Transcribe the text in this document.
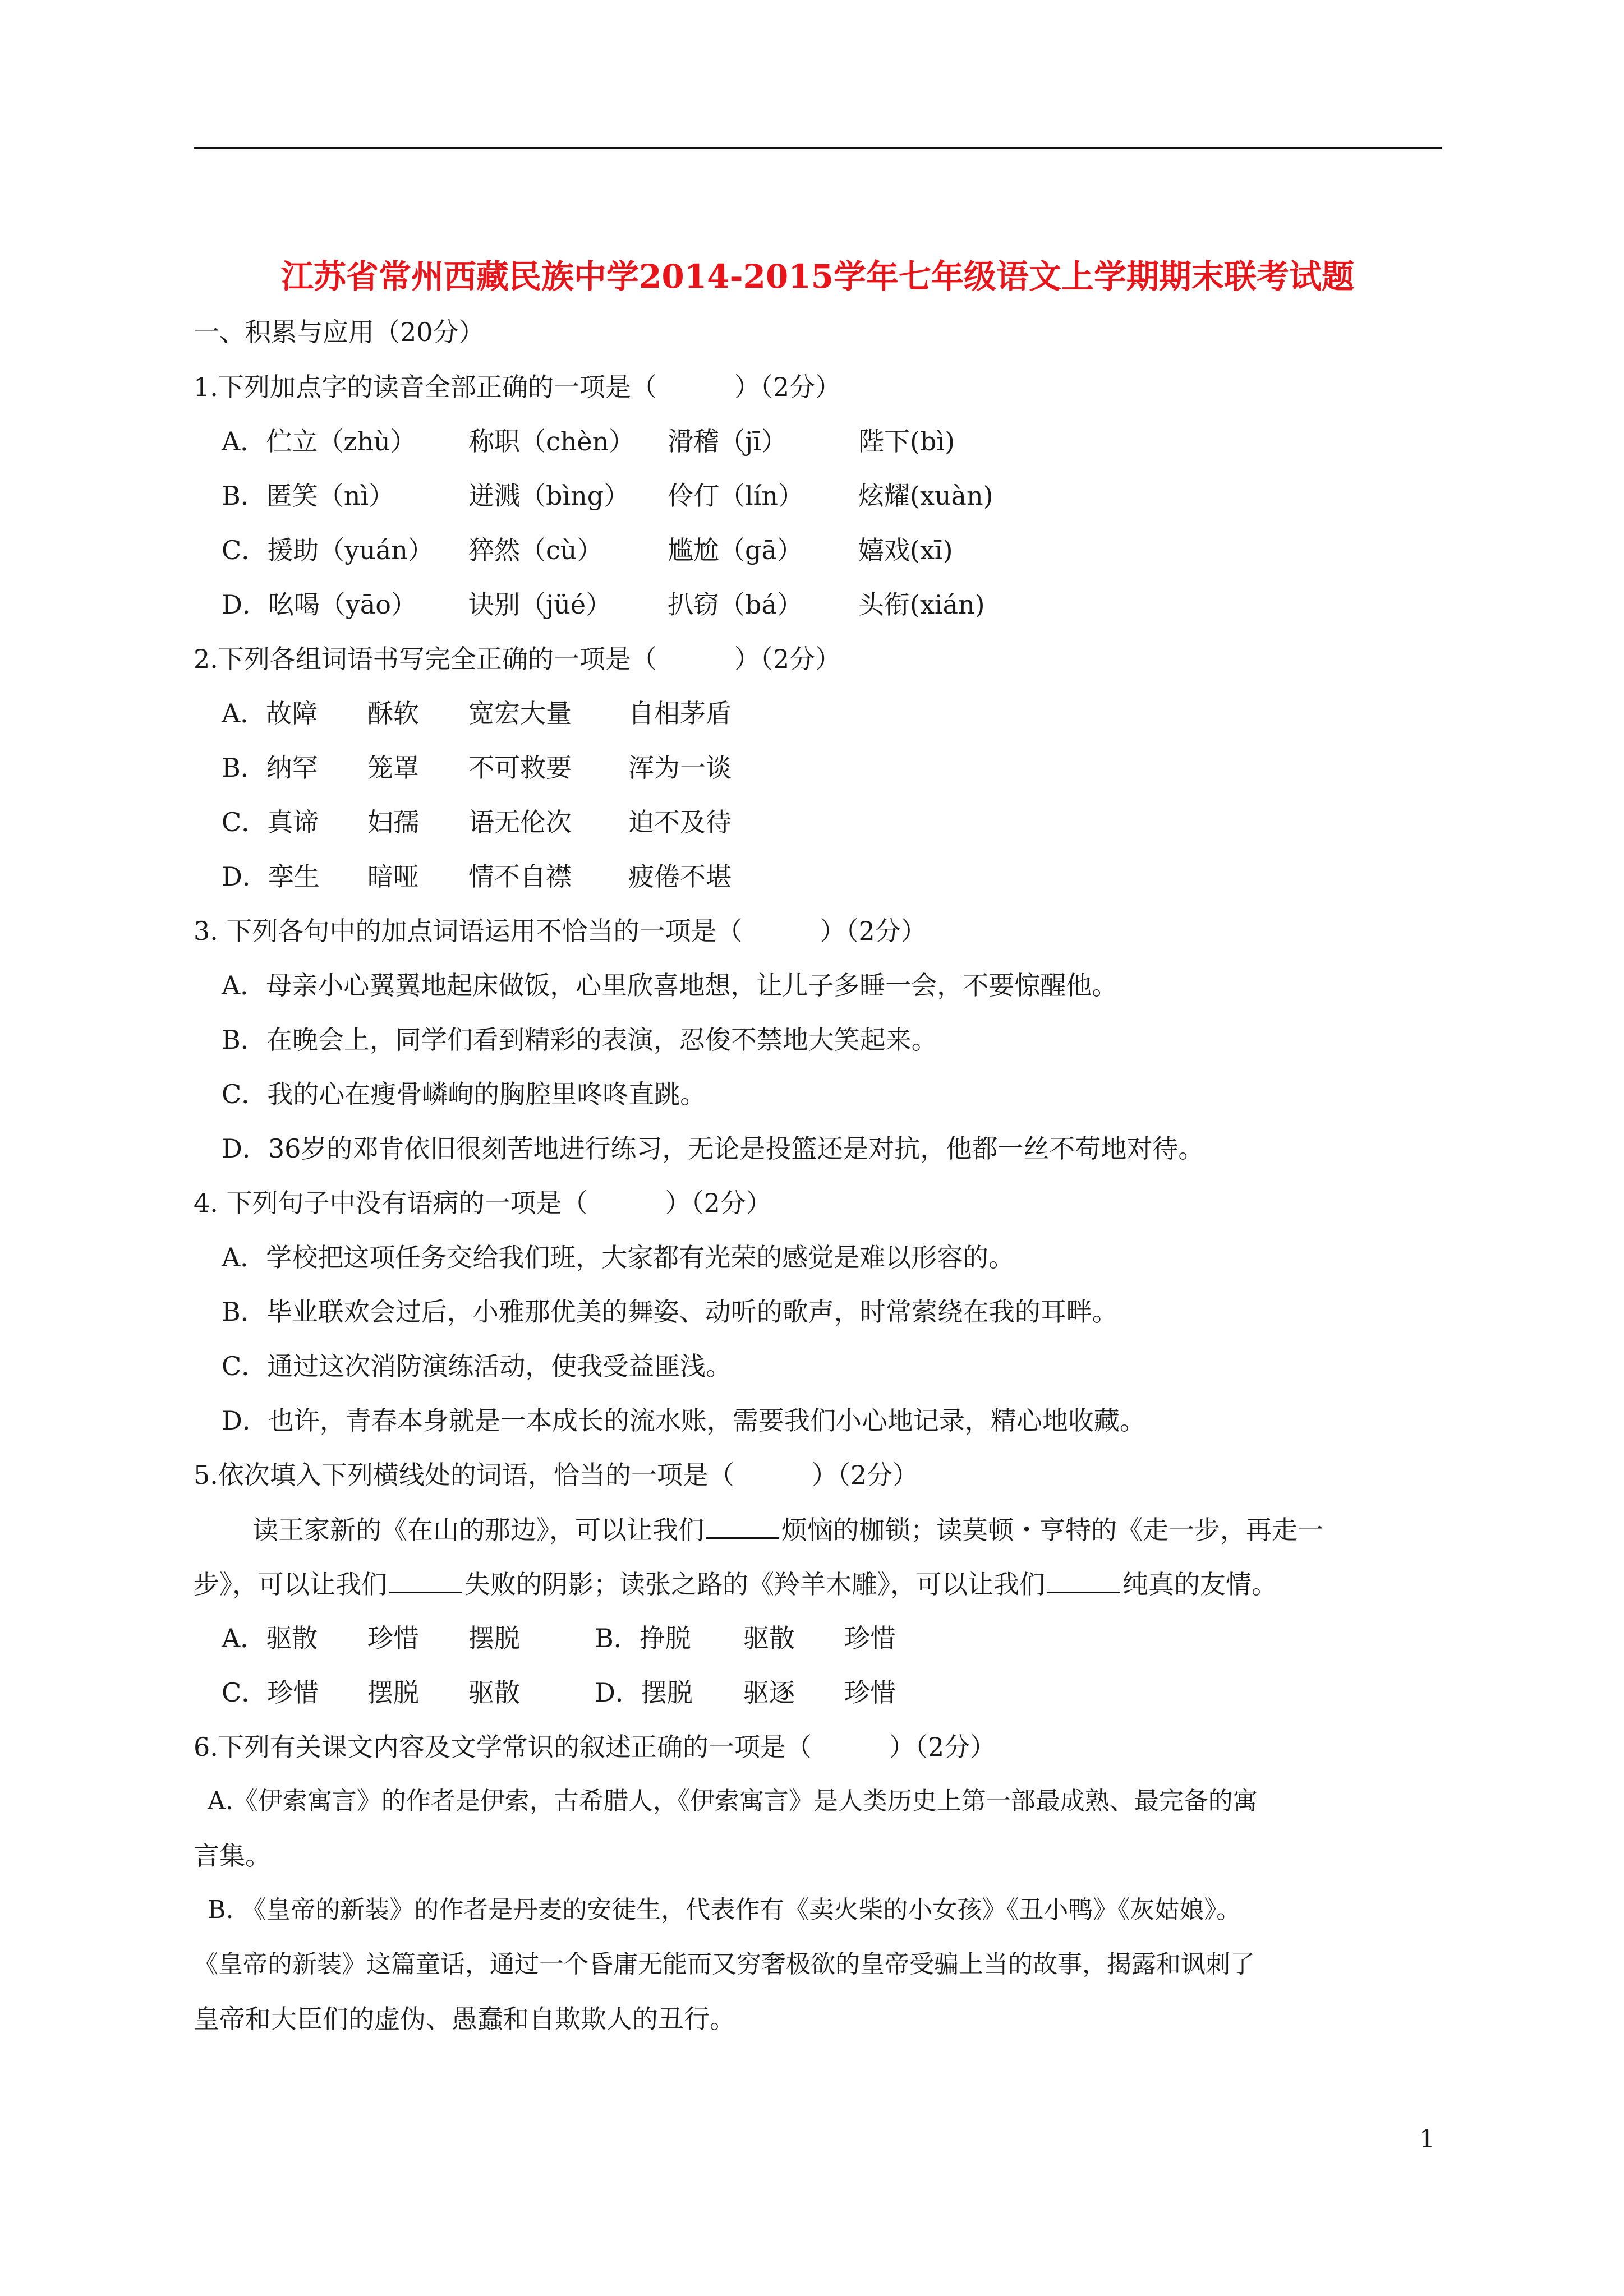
江苏省常州西藏民族中学2014-2015学年七年级语文上学期期末联考试题
一、积累与应用（20分）
1.下列加点字的读音全部正确的一项是（　　　）（2分）
A．伫立（zhù） 称职（chèn） 滑稽（jī）	陛下(bì)
B．匿笑（nì）	迸溅（bìng） 伶仃（lín） 炫耀(xuàn)
C．援助（yuán） 猝然（cù）	尴尬（gā） 嬉戏(xī)
D．吆喝（yāo） 诀别（jüé） 扒窃（bá） 头衔(xián)
2.下列各组词语书写完全正确的一项是（　　　）（2分）
A．故障 酥软 宽宏大量 自相茅盾
B．纳罕 笼罩 不可救要 浑为一谈
C．真谛 妇孺 语无伦次 迫不及待
D．孪生 暗哑 情不自襟 疲倦不堪
3. 下列各句中的加点词语运用不恰当的一项是（　　　）（2分）
A．母亲小心翼翼地起床做饭，心里欣喜地想，让儿子多睡一会，不要惊醒他。
B．在晚会上，同学们看到精彩的表演，忍俊不禁地大笑起来。
C．我的心在瘦骨嶙峋的胸腔里咚咚直跳。
D．36岁的邓肯依旧很刻苦地进行练习，无论是投篮还是对抗，他都一丝不苟地对待。
4. 下列句子中没有语病的一项是（　　　）（2分）
A．学校把这项任务交给我们班，大家都有光荣的感觉是难以形容的。
B．毕业联欢会过后，小雅那优美的舞姿、动听的歌声，时常萦绕在我的耳畔。
C．通过这次消防演练活动，使我受益匪浅。
D．也许，青春本身就是一本成长的流水账，需要我们小心地记录，精心地收藏。
5.依次填入下列横线处的词语，恰当的一项是（　　　）（2分）
读王家新的《在山的那边》，可以让我们	烦恼的枷锁；读莫顿・亨特的《走一步，再走一
步》，可以让我们	失败的阴影；读张之路的《羚羊木雕》，可以让我们	纯真的友情。
A．驱散 珍惜 摆脱	B．挣脱 驱散 珍惜
C．珍惜 摆脱 驱散	D．摆脱 驱逐 珍惜
6.下列有关课文内容及文学常识的叙述正确的一项是（　　　）（2分）
A.《伊索寓言》的作者是伊索，古希腊人，《伊索寓言》是人类历史上第一部最成熟、最完备的寓
言集。
B. 《皇帝的新装》的作者是丹麦的安徒生，代表作有《卖火柴的小女孩》《丑小鸭》《灰姑娘》。
《皇帝的新装》这篇童话，通过一个昏庸无能而又穷奢极欲的皇帝受骗上当的故事，揭露和讽刺了
皇帝和大臣们的虚伪、愚蠢和自欺欺人的丑行。
1
